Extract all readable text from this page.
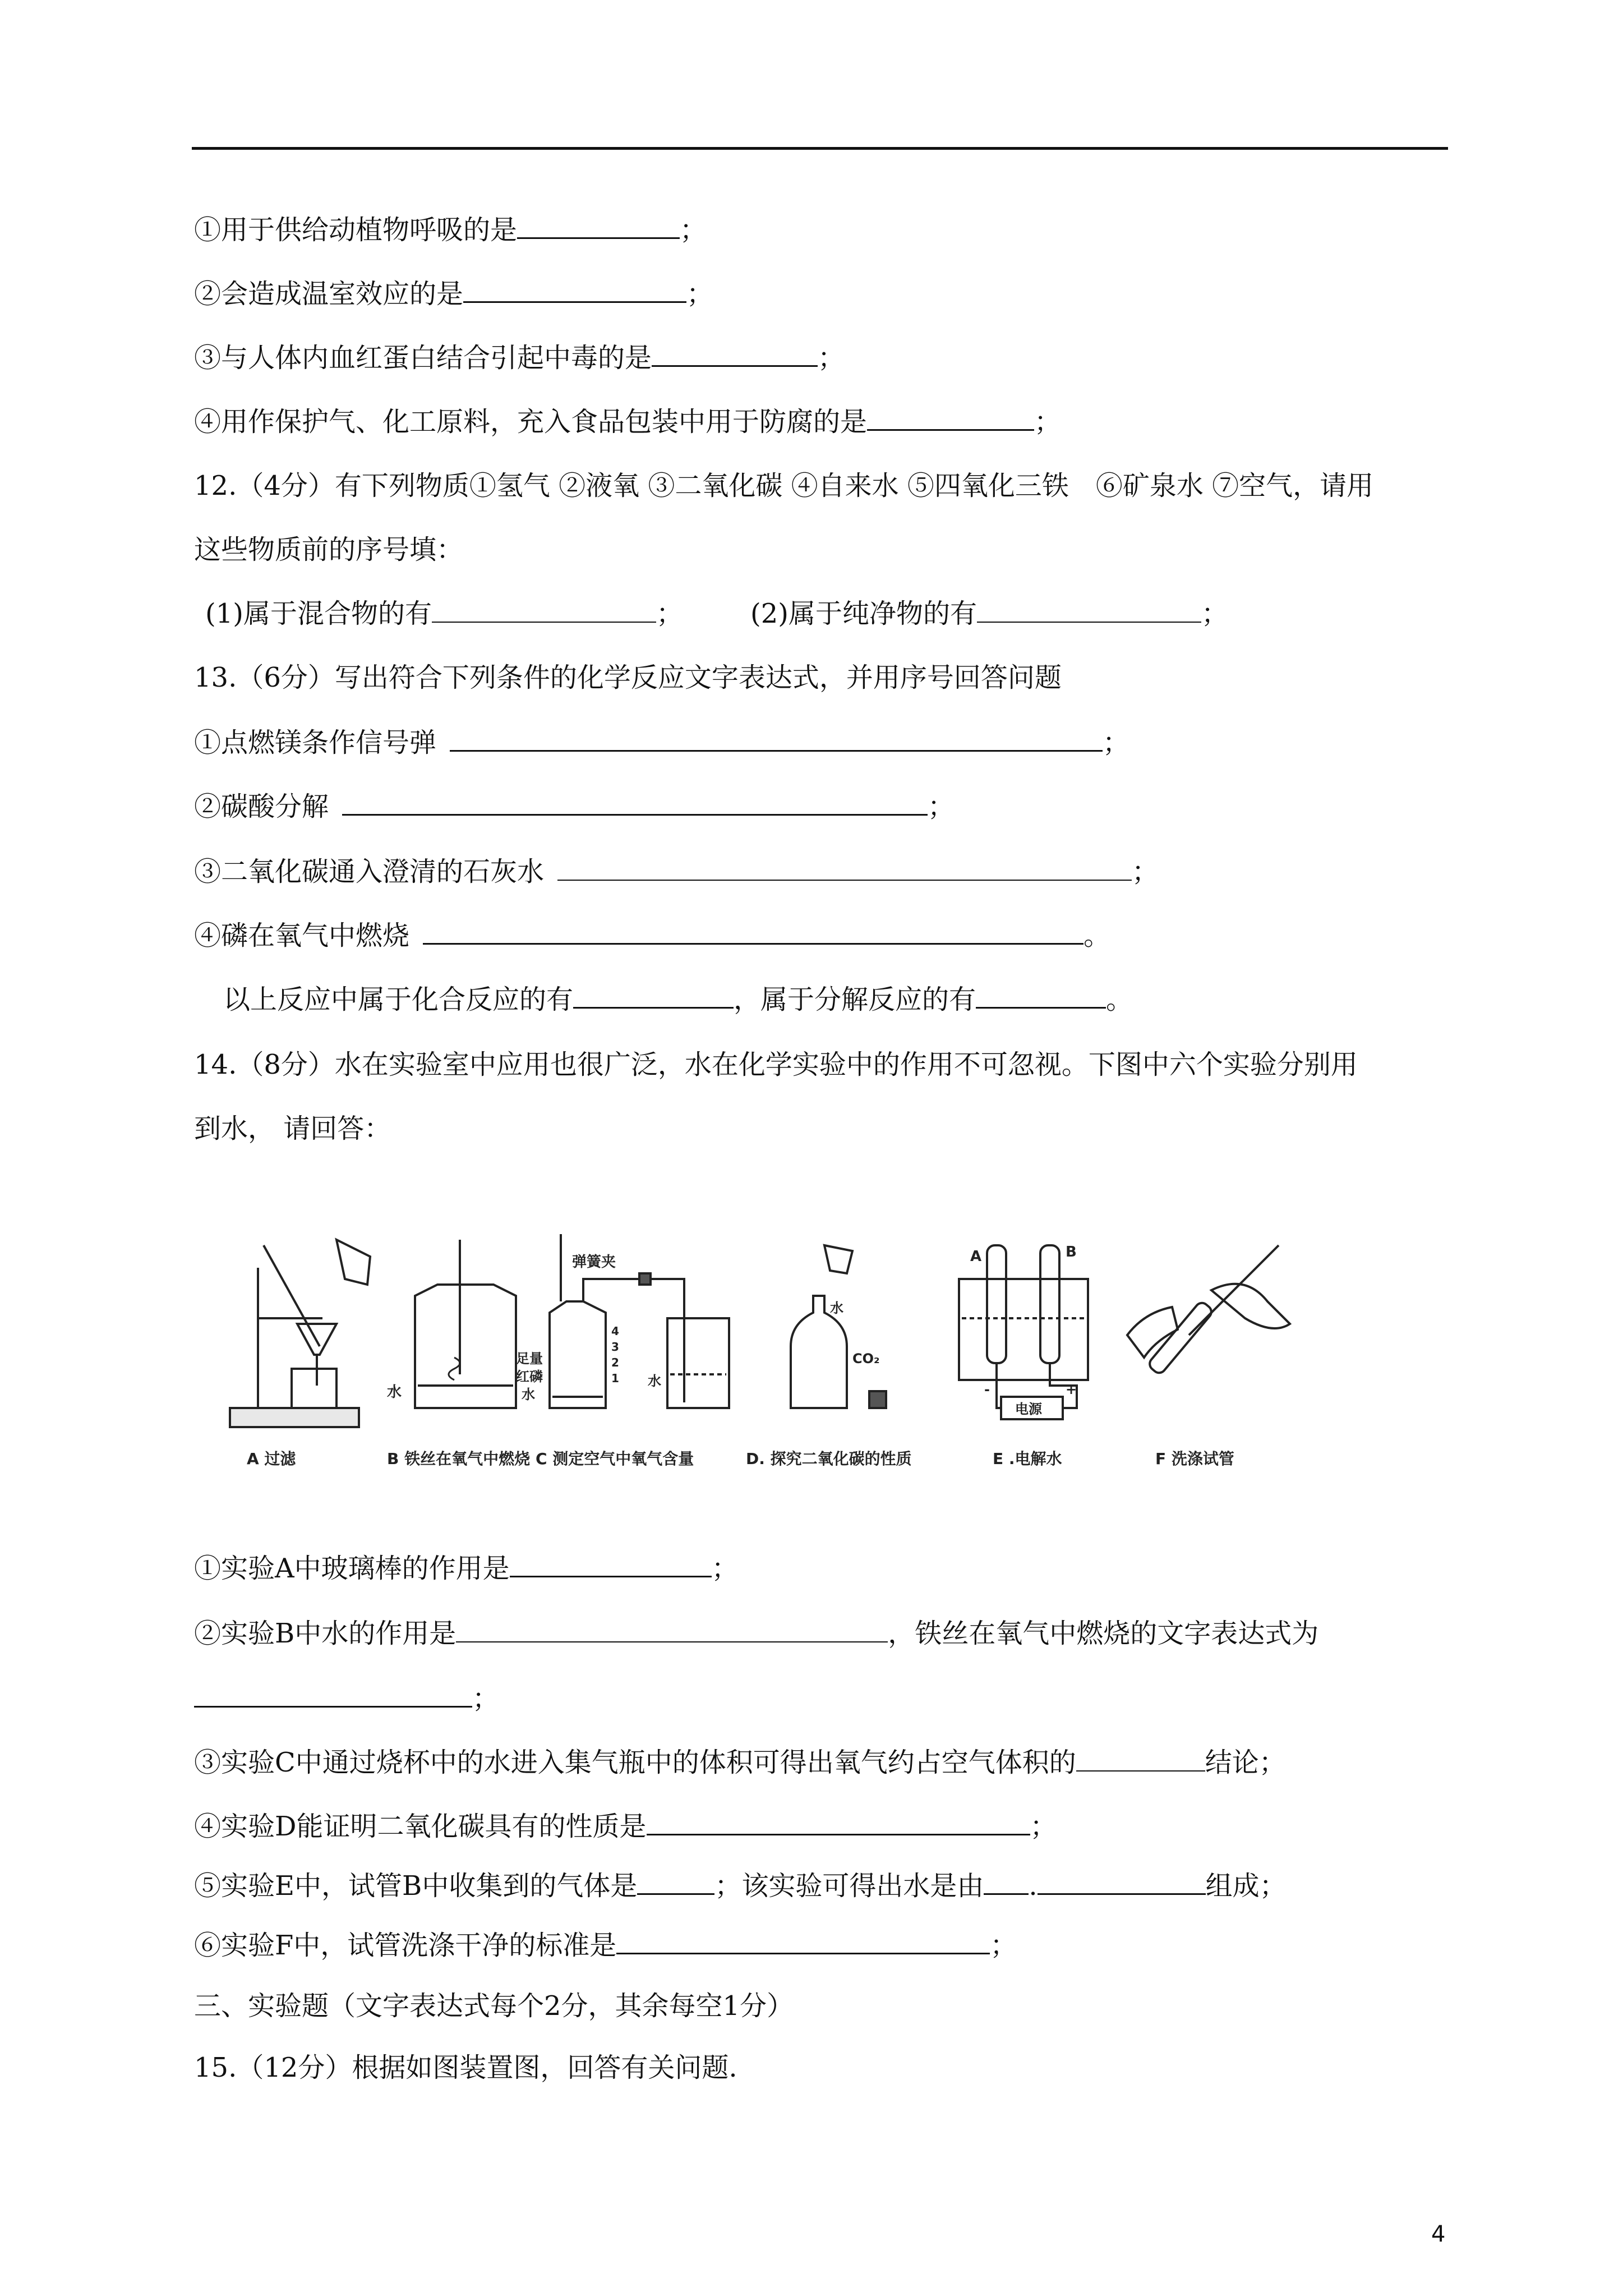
①用于供给动植物呼吸的是	；
②会造成温室效应的是	；
③与人体内血红蛋白结合引起中毒的是	；
④用作保护气、化工原料，充入食品包装中用于防腐的是	；
12.（4分）有下列物质①氢气 ②液氧 ③二氧化碳 ④自来水 ⑤四氧化三铁　⑥矿泉水 ⑦空气，请用
这些物质前的序号填：
(1)属于混合物的有	；	(2)属于纯净物的有	；
13.（6分）写出符合下列条件的化学反应文字表达式，并用序号回答问题
①点燃镁条作信号弹	；
②碳酸分解	；
③二氧化碳通入澄清的石灰水	；
④磷在氧气中燃烧	。
以上反应中属于化合反应的有	，属于分解反应的有	。
14.（8分）水在实验室中应用也很广泛，水在化学实验中的作用不可忽视。下图中六个实验分别用
到水， 请回答：
A 过滤
水
B 铁丝在氧气中燃烧
弹簧夹
足量
红磷
水
水
4
3
2
1
C 测定空气中氧气含量
水
CO₂
D. 探究二氧化碳的性质
A	B
-	+
电源
E .电解水	F 洗涤试管
①实验A中玻璃棒的作用是	；
②实验B中水的作用是	，铁丝在氧气中燃烧的文字表达式为
；
③实验C中通过烧杯中的水进入集气瓶中的体积可得出氧气约占空气体积的	结论；
④实验D能证明二氧化碳具有的性质是	；
⑤实验E中，试管B中收集到的气体是	；该实验可得出水是由 .	组成；
⑥实验F中，试管洗涤干净的标准是	；
三、实验题（文字表达式每个2分，其余每空1分）
15.（12分）根据如图装置图，回答有关问题.
4
